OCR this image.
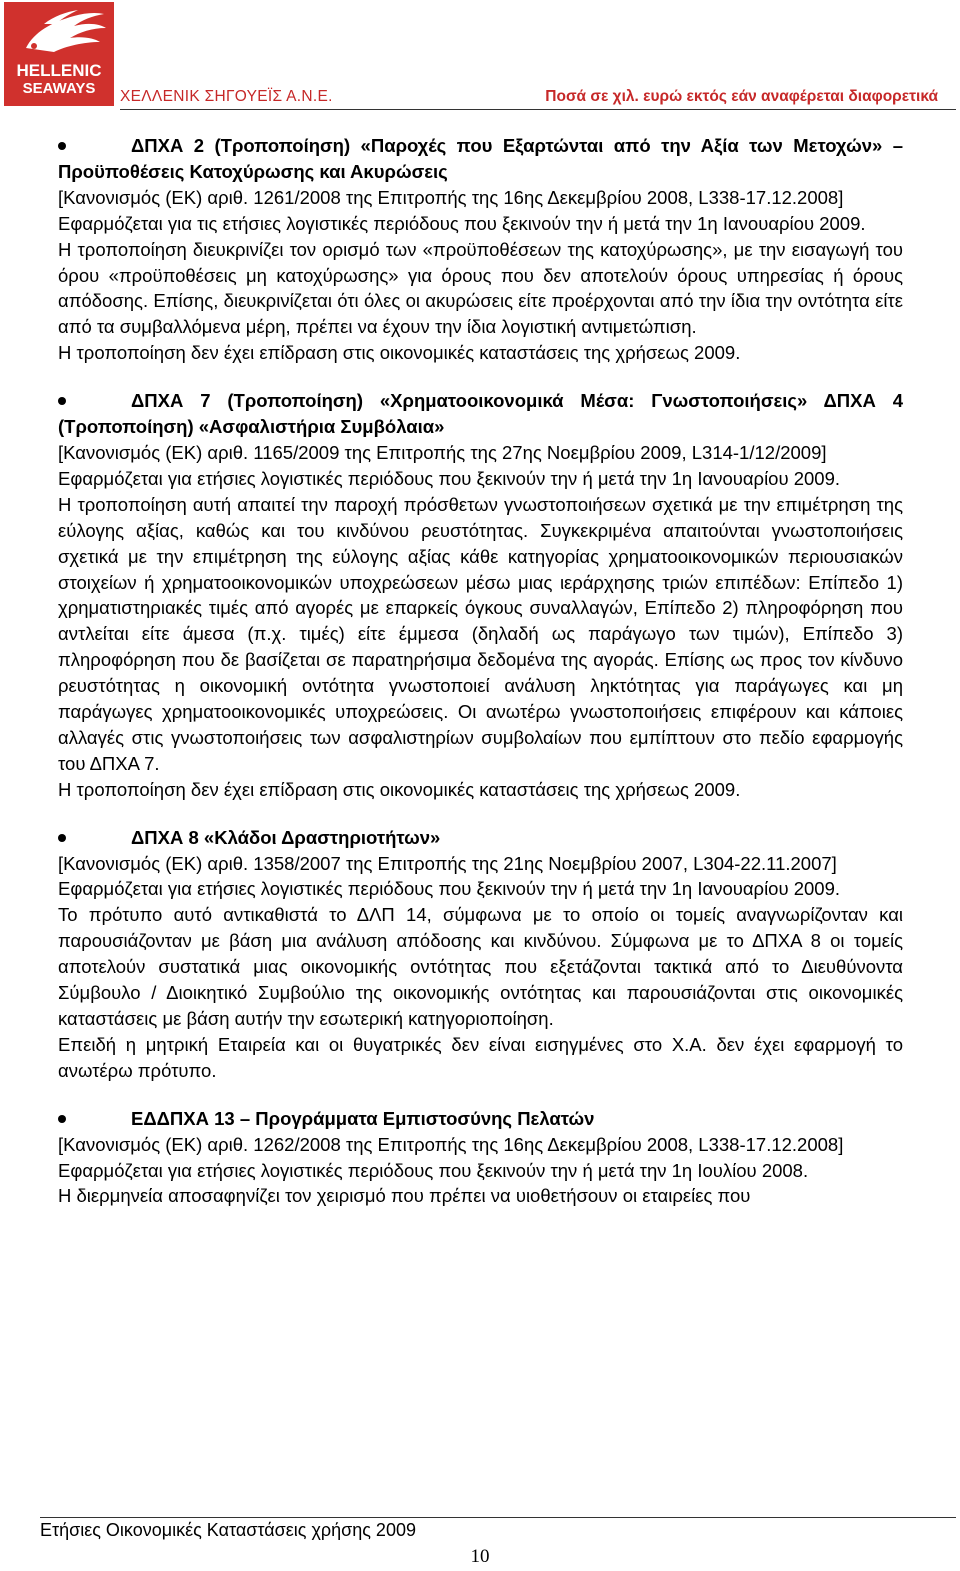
HELLENIC
SEAWAYS	ΧΕΛΛΕΝΙΚ ΣΗΓΟΥΕΪΣ Α.Ν.Ε.	Ποσά σε χιλ. ευρώ εκτός εάν αναφέρεται διαφορετικά

ΔΠΧΑ 2 (Τροποποίηση) «Παροχές που Εξαρτώνται από την Αξία των Μετοχών» – Προϋποθέσεις Κατοχύρωσης και Ακυρώσεις

[Κανονισμός (ΕΚ) αριθ. 1261/2008 της Επιτροπής της 16ης Δεκεμβρίου 2008, L338-17.12.2008]

Εφαρμόζεται για τις ετήσιες λογιστικές περιόδους που ξεκινούν την ή μετά την 1η Ιανουαρίου 2009.

Η τροποποίηση διευκρινίζει τον ορισμό των «προϋποθέσεων της κατοχύρωσης», με την εισαγωγή του όρου «προϋποθέσεις μη κατοχύρωσης» για όρους που δεν αποτελούν όρους υπηρεσίας ή όρους απόδοσης. Επίσης, διευκρινίζεται ότι όλες οι ακυρώσεις είτε προέρχονται από την ίδια την οντότητα είτε από τα συμβαλλόμενα μέρη, πρέπει να έχουν την ίδια λογιστική αντιμετώπιση.

Η τροποποίηση δεν έχει επίδραση στις οικονομικές καταστάσεις της χρήσεως 2009.

ΔΠΧΑ 7 (Τροποποίηση) «Χρηματοοικονομικά Μέσα: Γνωστοποιήσεις» ΔΠΧΑ 4 (Τροποποίηση) «Ασφαλιστήρια Συμβόλαια»

[Κανονισμός (ΕΚ) αριθ. 1165/2009 της Επιτροπής της 27ης Νοεμβρίου 2009, L314-1/12/2009]

Εφαρμόζεται για ετήσιες λογιστικές περιόδους που ξεκινούν την ή μετά την 1η Ιανουαρίου 2009.

Η τροποποίηση αυτή απαιτεί την παροχή πρόσθετων γνωστοποιήσεων σχετικά με την επιμέτρηση της εύλογης αξίας, καθώς και του κινδύνου ρευστότητας. Συγκεκριμένα απαιτούνται γνωστοποιήσεις σχετικά με την επιμέτρηση της εύλογης αξίας κάθε κατηγορίας χρηματοοικονομικών περιουσιακών στοιχείων ή χρηματοοικονομικών υποχρεώσεων μέσω μιας ιεράρχησης τριών επιπέδων: Επίπεδο 1) χρηματιστηριακές τιμές από αγορές με επαρκείς όγκους συναλλαγών, Επίπεδο 2) πληροφόρηση που αντλείται είτε άμεσα (π.χ. τιμές) είτε έμμεσα (δηλαδή ως παράγωγο των τιμών), Επίπεδο 3) πληροφόρηση που δε βασίζεται σε παρατηρήσιμα δεδομένα της αγοράς. Επίσης ως προς τον κίνδυνο ρευστότητας η οικονομική οντότητα γνωστοποιεί ανάλυση ληκτότητας για παράγωγες και μη παράγωγες χρηματοοικονομικές υποχρεώσεις. Οι ανωτέρω γνωστοποιήσεις επιφέρουν και κάποιες αλλαγές στις γνωστοποιήσεις των ασφαλιστηρίων συμβολαίων που εμπίπτουν στο πεδίο εφαρμογής του ΔΠΧΑ 7.

Η τροποποίηση δεν έχει επίδραση στις οικονομικές καταστάσεις της χρήσεως 2009.

ΔΠΧΑ 8 «Κλάδοι Δραστηριοτήτων»

[Κανονισμός (ΕΚ) αριθ. 1358/2007 της Επιτροπής της 21ης Νοεμβρίου 2007, L304-22.11.2007]

Εφαρμόζεται για ετήσιες λογιστικές περιόδους που ξεκινούν την ή μετά την 1η Ιανουαρίου 2009.

Το πρότυπο αυτό αντικαθιστά το ΔΛΠ 14, σύμφωνα με το οποίο οι τομείς αναγνωρίζονταν και παρουσιάζονταν με βάση μια ανάλυση απόδοσης και κινδύνου. Σύμφωνα με το ΔΠΧΑ 8 οι τομείς αποτελούν συστατικά μιας οικονομικής οντότητας που εξετάζονται τακτικά από το Διευθύνοντα Σύμβουλο / Διοικητικό Συμβούλιο της οικονομικής οντότητας και παρουσιάζονται στις οικονομικές καταστάσεις με βάση αυτήν την εσωτερική κατηγοριοποίηση.

Επειδή η μητρική Εταιρεία και οι θυγατρικές δεν είναι εισηγμένες στο Χ.Α. δεν έχει εφαρμογή το ανωτέρω πρότυπο.

ΕΔΔΠΧΑ 13 – Προγράμματα Εμπιστοσύνης Πελατών

[Κανονισμός (ΕΚ) αριθ. 1262/2008 της Επιτροπής της 16ης Δεκεμβρίου 2008, L338-17.12.2008]

Εφαρμόζεται για ετήσιες λογιστικές περιόδους που ξεκινούν την ή μετά την 1η Ιουλίου 2008.

Η διερμηνεία αποσαφηνίζει τον χειρισμό που πρέπει να υιοθετήσουν οι εταιρείες που

Ετήσιες Οικονομικές Καταστάσεις χρήσης 2009
10
